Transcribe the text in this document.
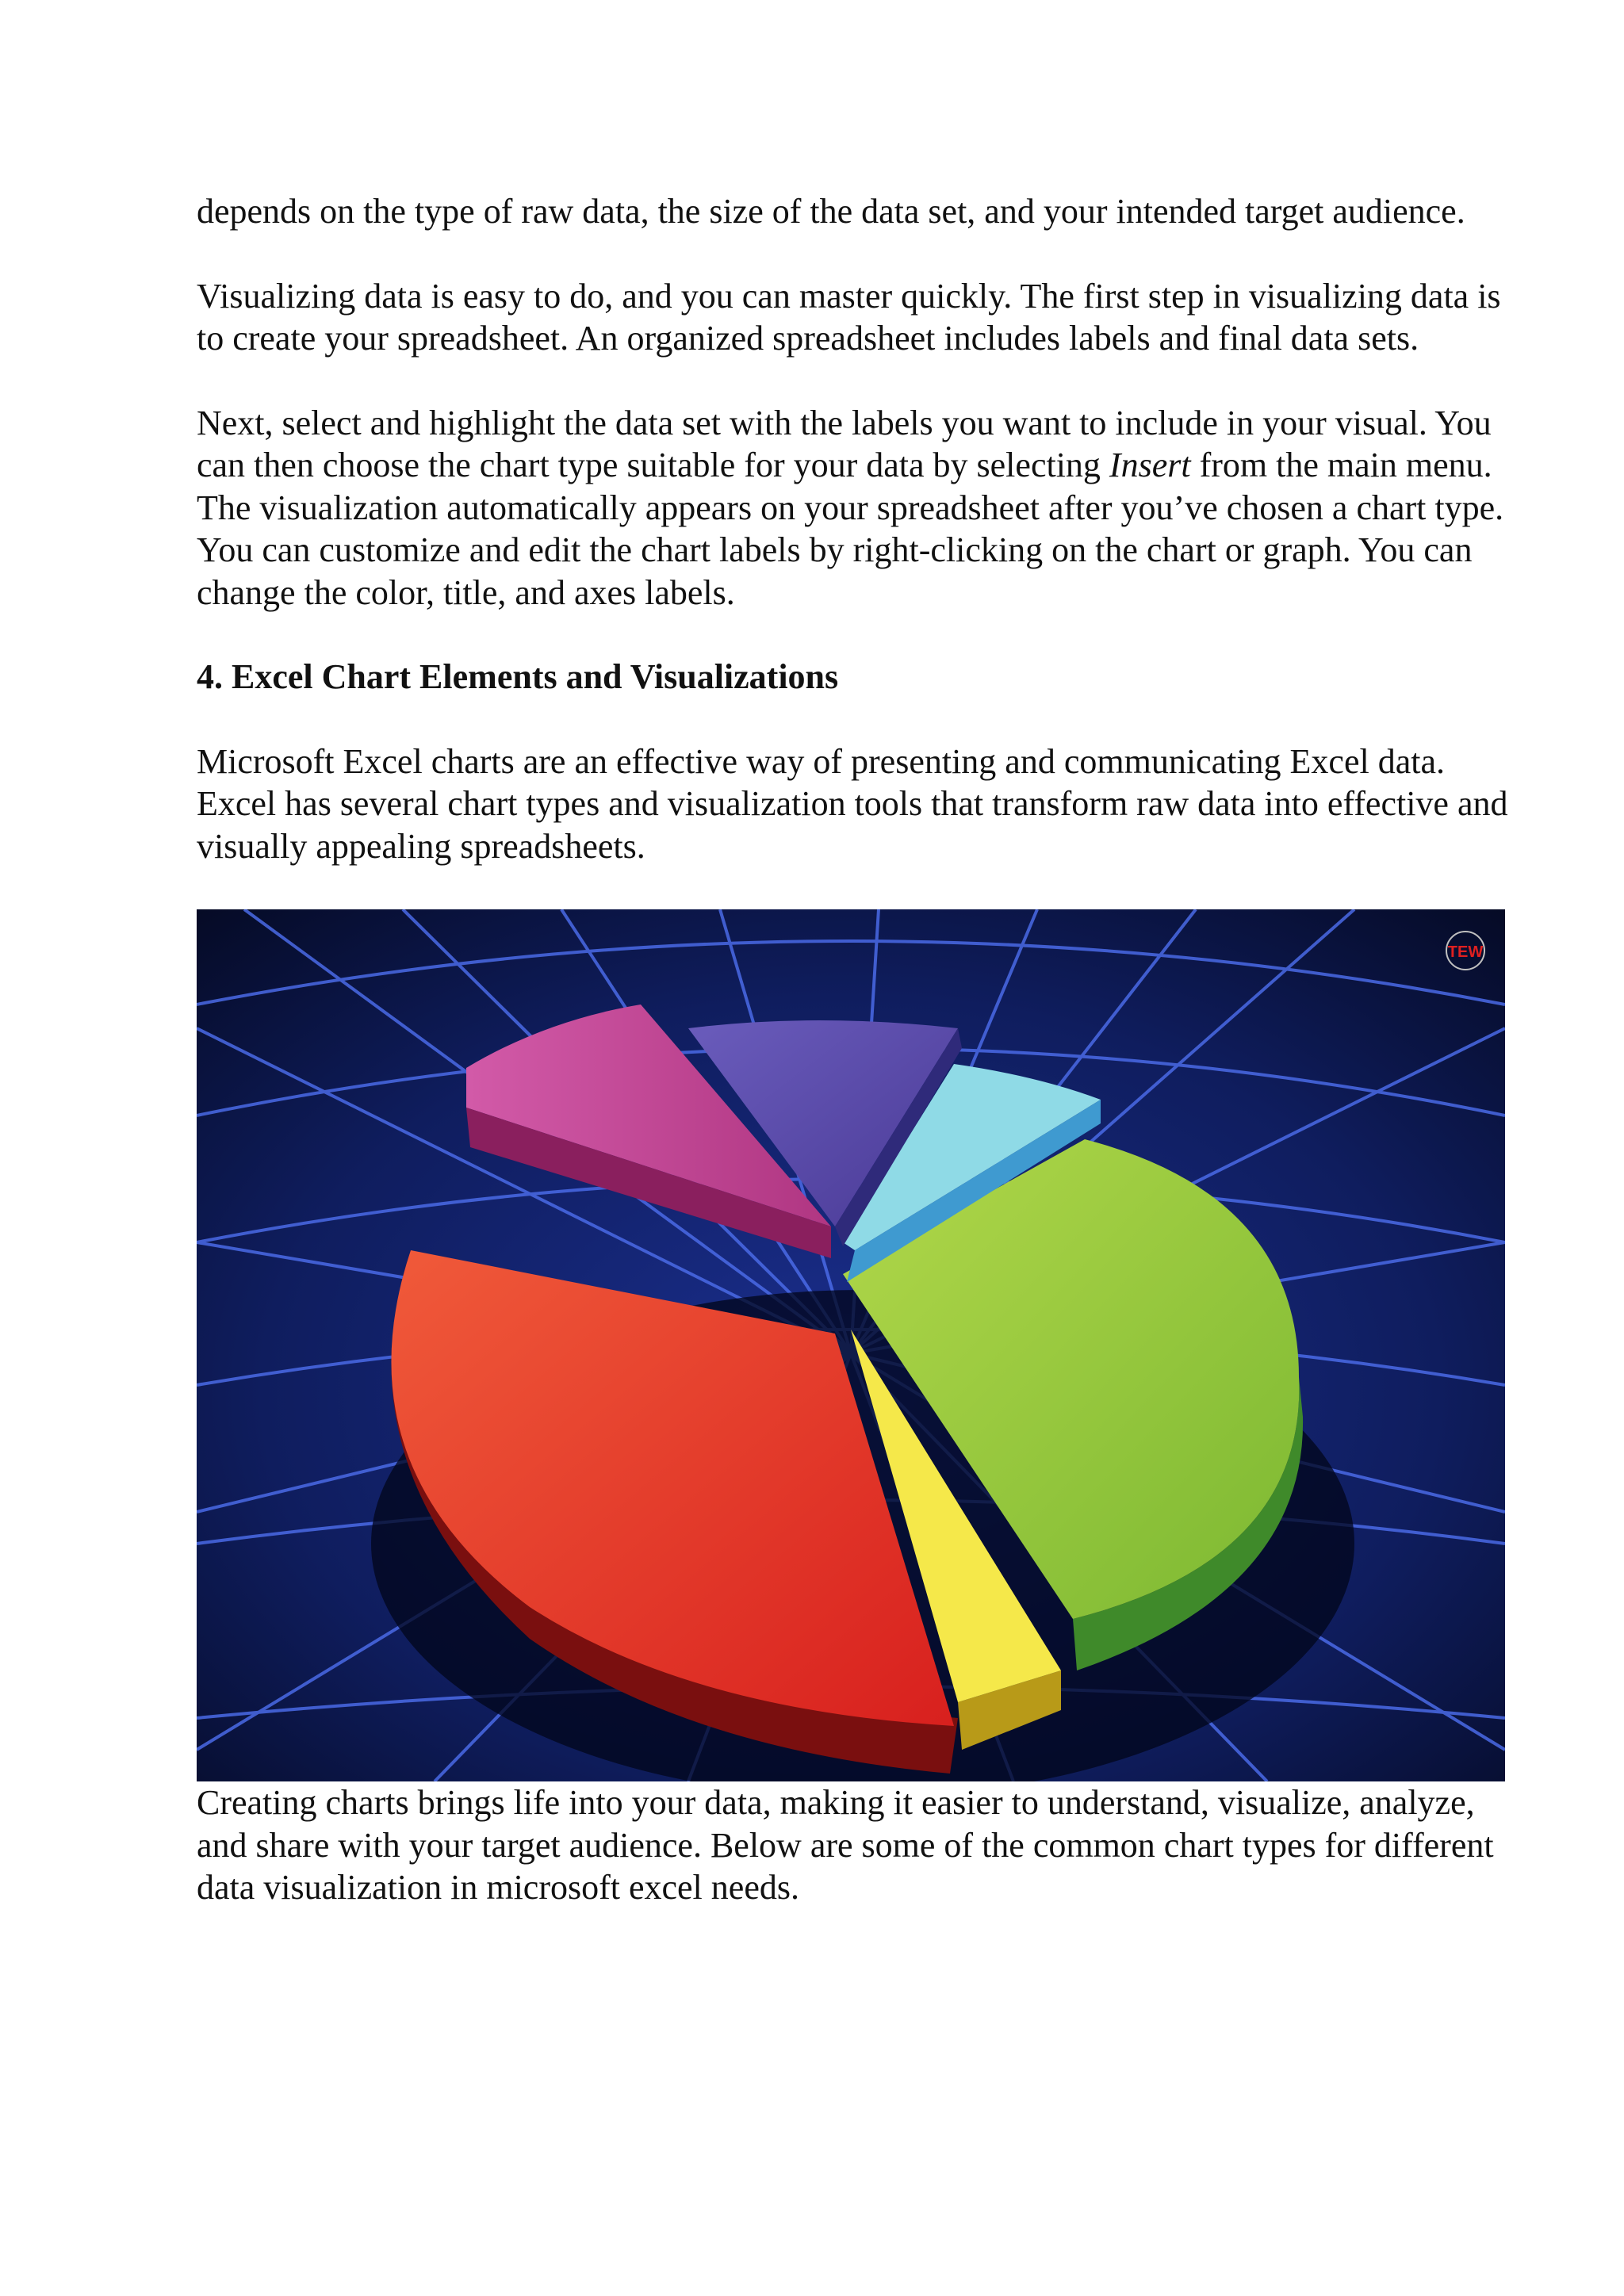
depends on the type of raw data, the size of the data set, and your intended target audience.

Visualizing data is easy to do, and you can master quickly. The first step in visualizing data is to create your spreadsheet. An organized spreadsheet includes labels and final data sets.

Next, select and highlight the data set with the labels you want to include in your visual. You can then choose the chart type suitable for your data by selecting Insert from the main menu. The visualization automatically appears on your spreadsheet after you’ve chosen a chart type.

You can customize and edit the chart labels by right-clicking on the chart or graph. You can change the color, title, and axes labels.

4. Excel Chart Elements and Visualizations

Microsoft Excel charts are an effective way of presenting and communicating Excel data. Excel has several chart types and visualization tools that transform raw data into effective and visually appealing spreadsheets.

TEW

Creating charts brings life into your data, making it easier to understand, visualize, analyze, and share with your target audience. Below are some of the common chart types for different data visualization in microsoft excel needs.
